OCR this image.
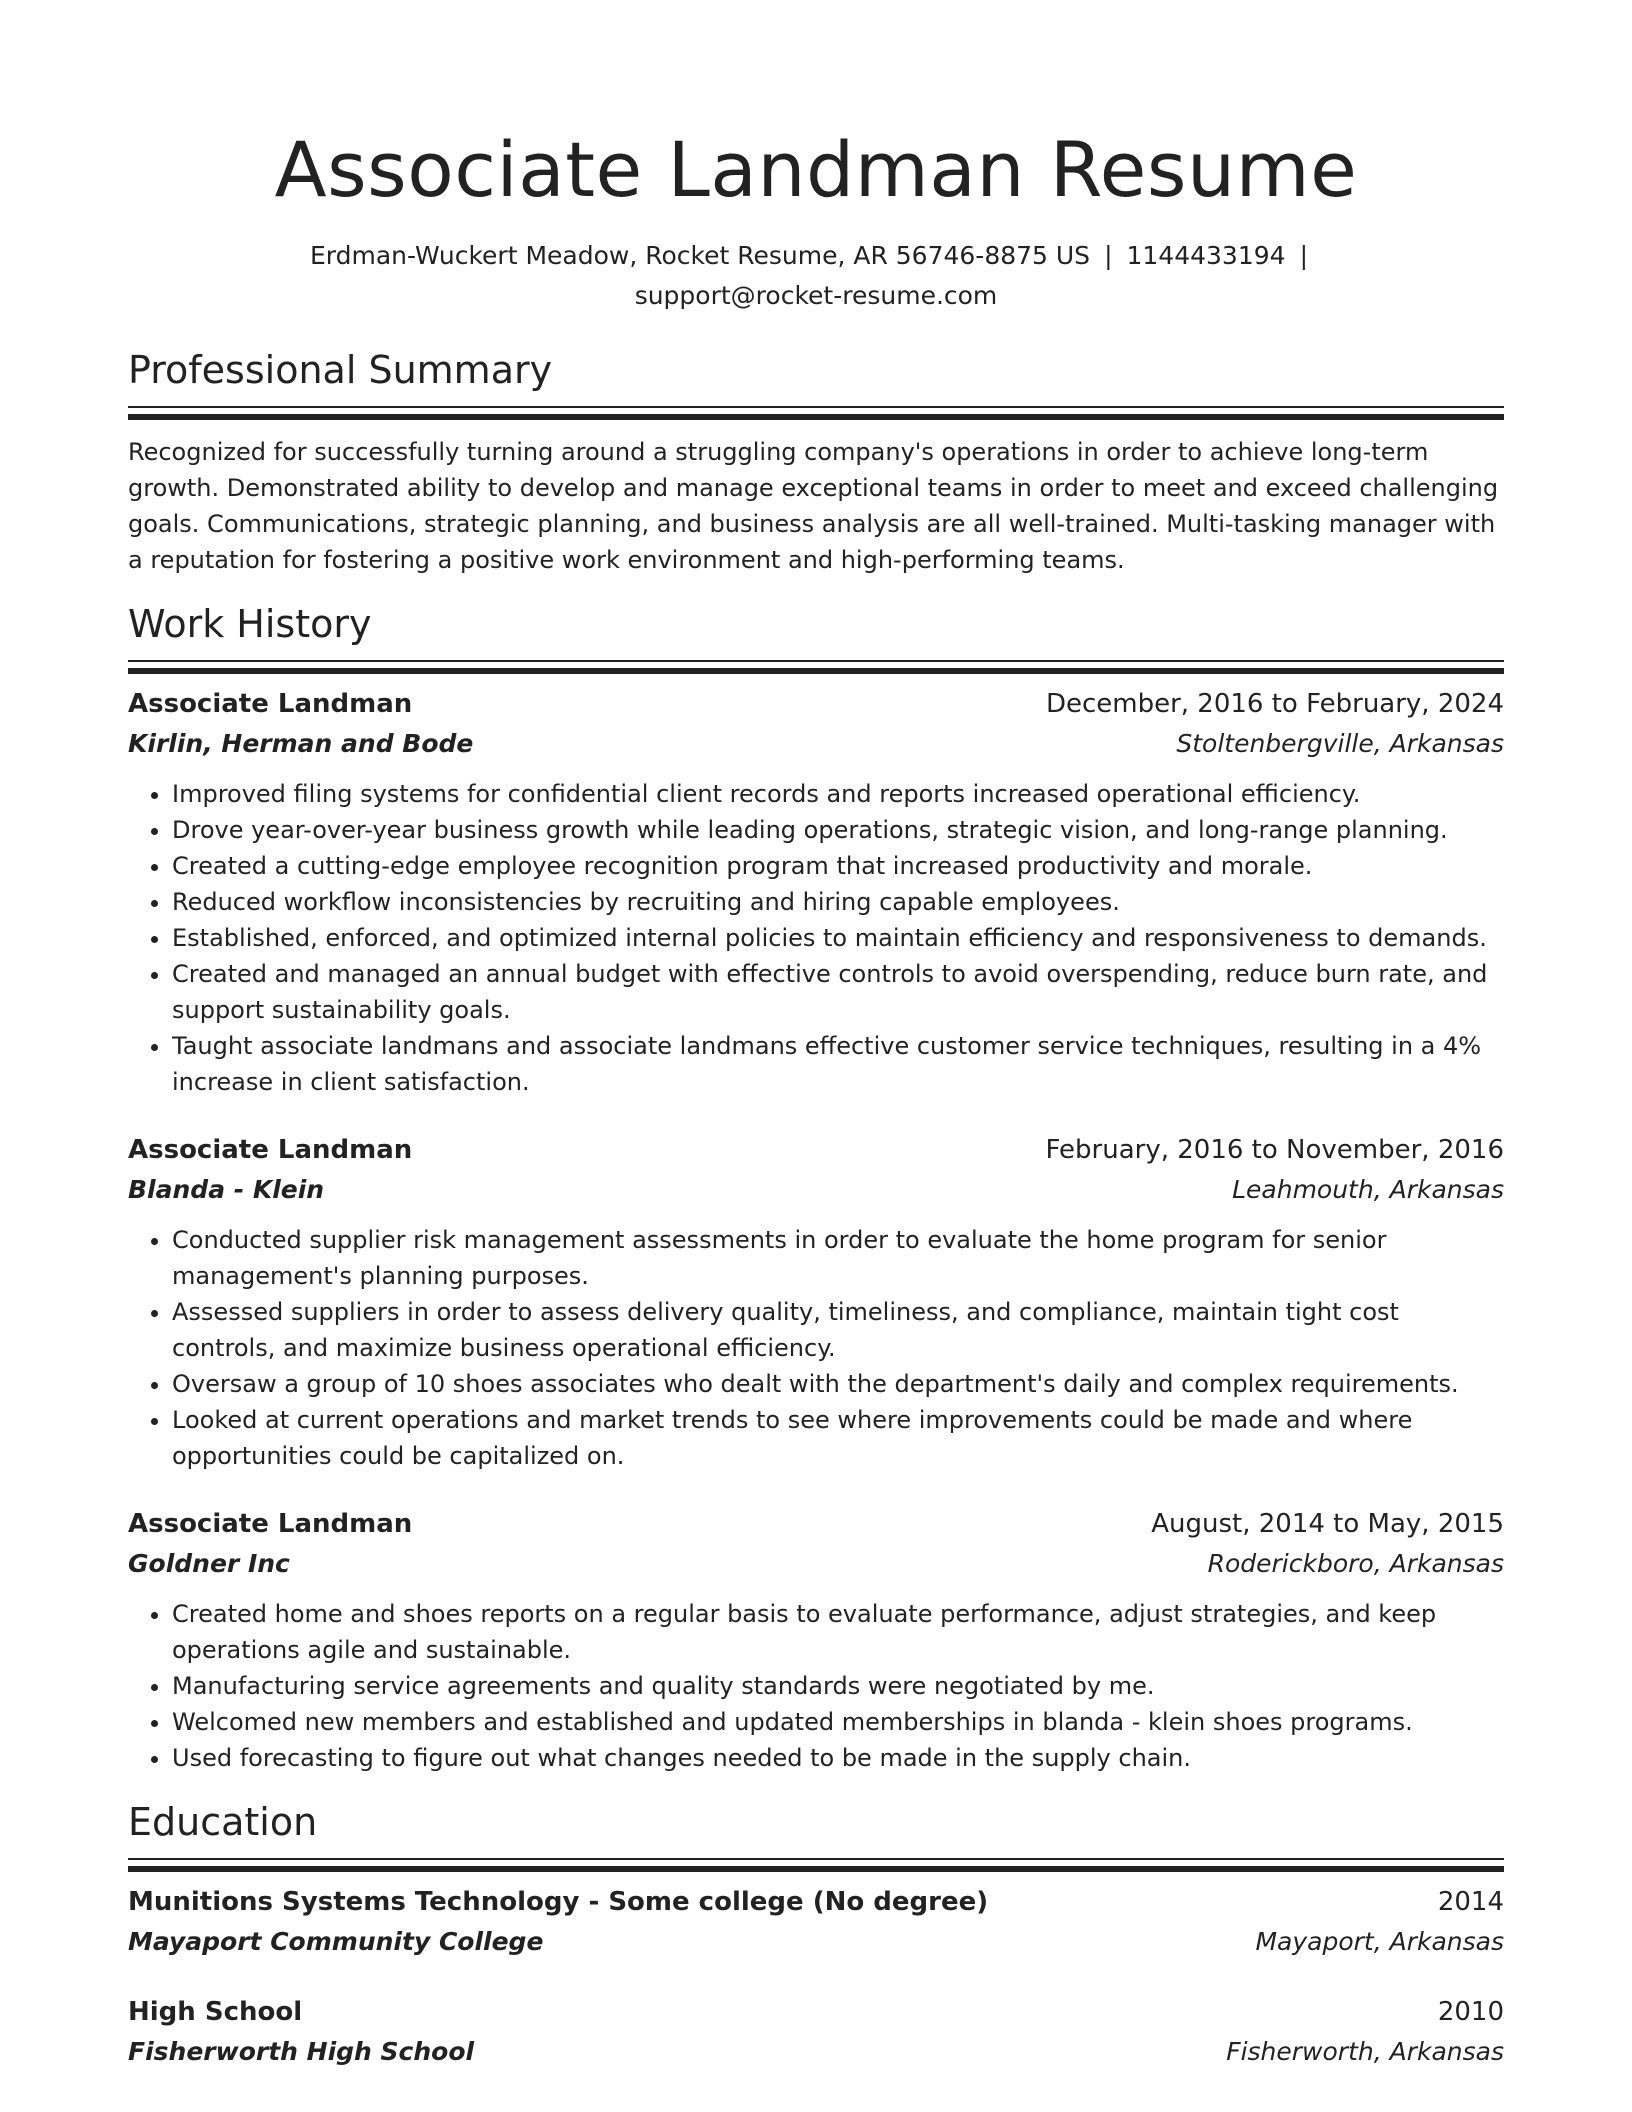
Associate Landman Resume
Erdman-Wuckert Meadow, Rocket Resume, AR 56746-8875 US | 1144433194 |
support@rocket-resume.com
Professional Summary
Recognized for successfully turning around a struggling company's operations in order to achieve long-term growth. Demonstrated ability to develop and manage exceptional teams in order to meet and exceed challenging goals. Communications, strategic planning, and business analysis are all well-trained. Multi-tasking manager with a reputation for fostering a positive work environment and high-performing teams.
Work History
Associate Landman	December, 2016 to February, 2024
Kirlin, Herman and Bode	Stoltenbergville, Arkansas
• Improved filing systems for confidential client records and reports increased operational efficiency.
• Drove year-over-year business growth while leading operations, strategic vision, and long-range planning.
• Created a cutting-edge employee recognition program that increased productivity and morale.
• Reduced workflow inconsistencies by recruiting and hiring capable employees.
• Established, enforced, and optimized internal policies to maintain efficiency and responsiveness to demands.
• Created and managed an annual budget with effective controls to avoid overspending, reduce burn rate, and support sustainability goals.
• Taught associate landmans and associate landmans effective customer service techniques, resulting in a 4% increase in client satisfaction.
Associate Landman	February, 2016 to November, 2016
Blanda - Klein	Leahmouth, Arkansas
• Conducted supplier risk management assessments in order to evaluate the home program for senior management's planning purposes.
• Assessed suppliers in order to assess delivery quality, timeliness, and compliance, maintain tight cost controls, and maximize business operational efficiency.
• Oversaw a group of 10 shoes associates who dealt with the department's daily and complex requirements.
• Looked at current operations and market trends to see where improvements could be made and where opportunities could be capitalized on.
Associate Landman	August, 2014 to May, 2015
Goldner Inc	Roderickboro, Arkansas
• Created home and shoes reports on a regular basis to evaluate performance, adjust strategies, and keep operations agile and sustainable.
• Manufacturing service agreements and quality standards were negotiated by me.
• Welcomed new members and established and updated memberships in blanda - klein shoes programs.
• Used forecasting to figure out what changes needed to be made in the supply chain.
Education
Munitions Systems Technology - Some college (No degree)	2014
Mayaport Community College	Mayaport, Arkansas
High School	2010
Fisherworth High School	Fisherworth, Arkansas
